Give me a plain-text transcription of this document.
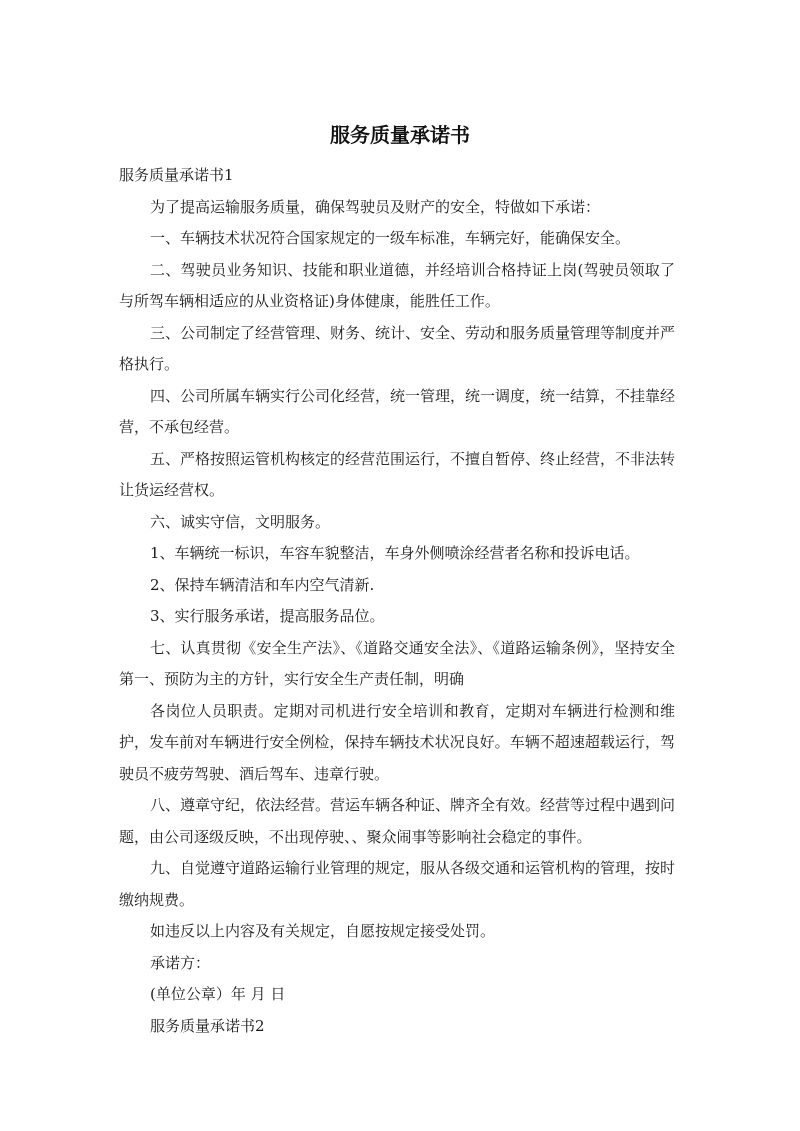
服务质量承诺书

服务质量承诺书1

为了提高运输服务质量，确保驾驶员及财产的安全，特做如下承诺：

一、车辆技术状况符合国家规定的一级车标准，车辆完好，能确保安全。

二、驾驶员业务知识、技能和职业道德，并经培训合格持证上岗(驾驶员领取了与所驾车辆相适应的从业资格证)身体健康，能胜任工作。

三、公司制定了经营管理、财务、统计、安全、劳动和服务质量管理等制度并严格执行。

四、公司所属车辆实行公司化经营，统一管理，统一调度，统一结算，不挂靠经营，不承包经营。

五、严格按照运管机构核定的经营范围运行，不擅自暂停、终止经营，不非法转让货运经营权。

六、诚实守信，文明服务。

1、车辆统一标识，车容车貌整洁，车身外侧喷涂经营者名称和投诉电话。

2、保持车辆清洁和车内空气清新.

3、实行服务承诺，提高服务品位。

七、认真贯彻《安全生产法》、《道路交通安全法》、《道路运输条例》，坚持安全第一、预防为主的方针，实行安全生产责任制，明确

各岗位人员职责。定期对司机进行安全培训和教育，定期对车辆进行检测和维护，发车前对车辆进行安全例检，保持车辆技术状况良好。车辆不超速超载运行，驾驶员不疲劳驾驶、酒后驾车、违章行驶。

八、遵章守纪，依法经营。营运车辆各种证、牌齐全有效。经营等过程中遇到问题，由公司逐级反映，不出现停驶、、聚众闹事等影响社会稳定的事件。

九、自觉遵守道路运输行业管理的规定，服从各级交通和运管机构的管理，按时缴纳规费。

如违反以上内容及有关规定，自愿按规定接受处罚。

承诺方：

(单位公章）年 月 日

服务质量承诺书2
